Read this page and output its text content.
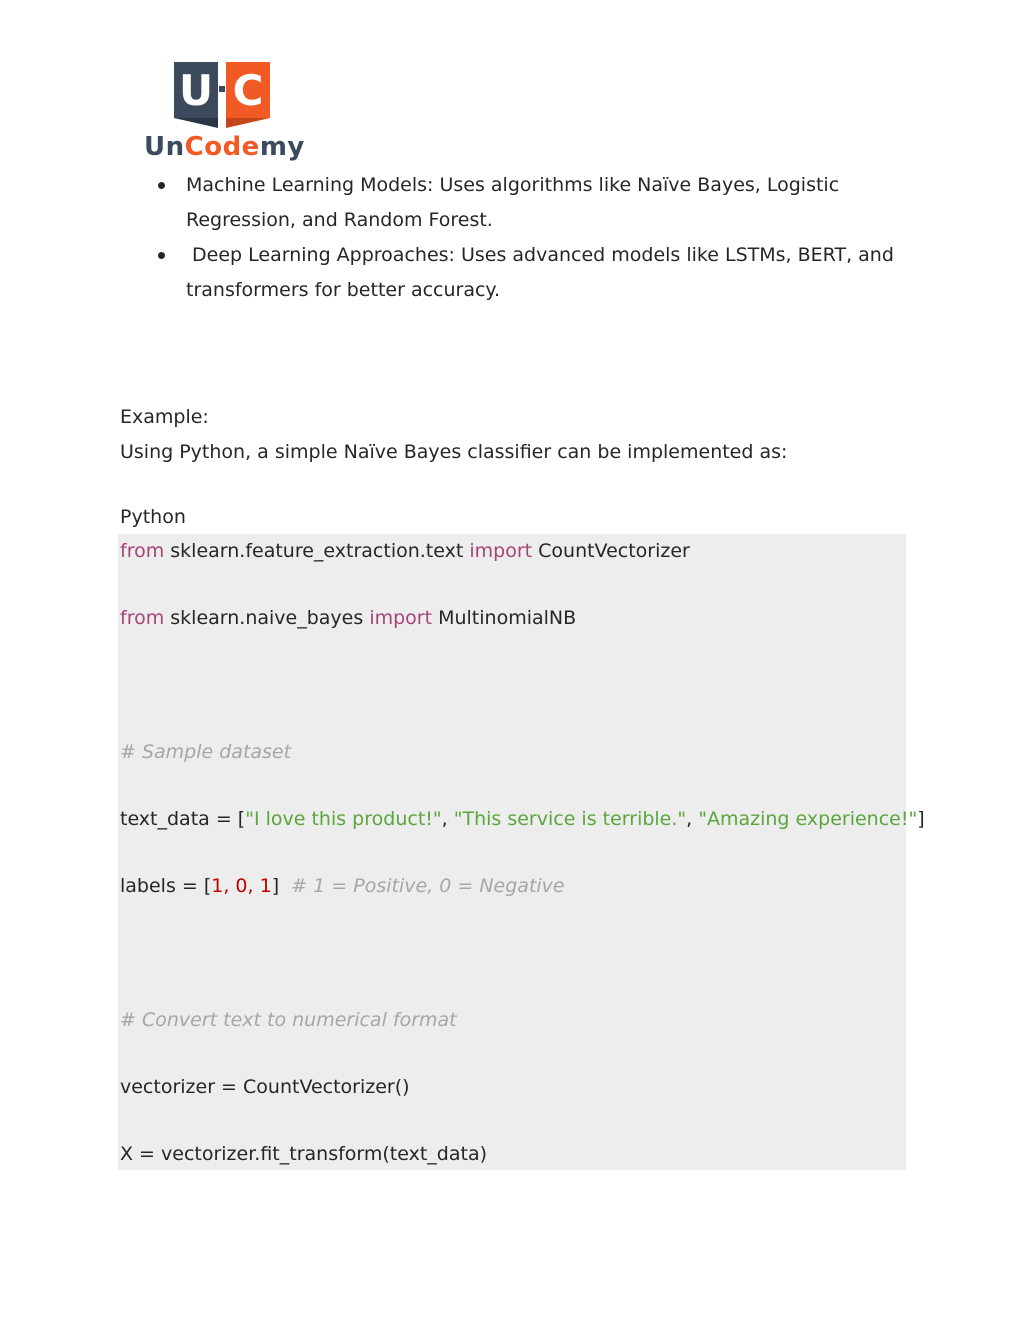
U C
UnCodemy
Machine Learning Models: Uses algorithms like Naïve Bayes, Logistic
Regression, and Random Forest.
Deep Learning Approaches: Uses advanced models like LSTMs, BERT, and
transformers for better accuracy.
Example:
Using Python, a simple Naïve Bayes classifier can be implemented as:
Python
from sklearn.feature_extraction.text import CountVectorizer
from sklearn.naive_bayes import MultinomialNB
# Sample dataset
text_data = ["I love this product!", "This service is terrible.", "Amazing experience!"]
labels = [1, 0, 1]  # 1 = Positive, 0 = Negative
# Convert text to numerical format
vectorizer = CountVectorizer()
X = vectorizer.fit_transform(text_data)
